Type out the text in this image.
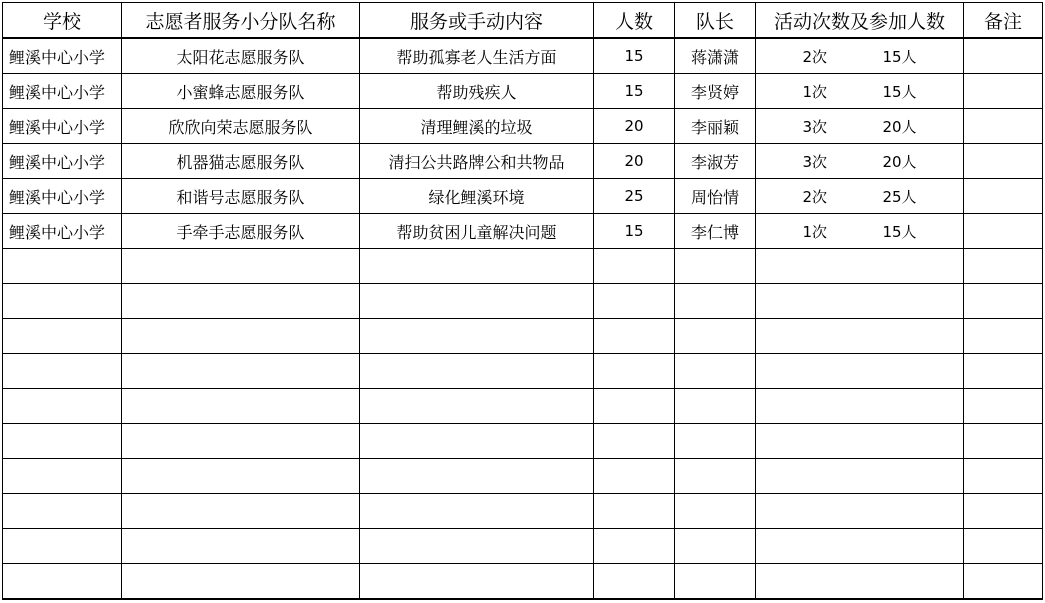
学校	志愿者服务小分队名称	服务或手动内容	人数	队长	活动次数及参加人数	备注
鲤溪中心小学	太阳花志愿服务队	帮助孤寡老人生活方面	15	蒋潇潇	2次 15人	
鲤溪中心小学	小蜜蜂志愿服务队	帮助残疾人	15	李贤婷	1次 15人	
鲤溪中心小学	欣欣向荣志愿服务队	清理鲤溪的垃圾	20	李丽颖	3次 20人	
鲤溪中心小学	机器猫志愿服务队	清扫公共路牌公和共物品	20	李淑芳	3次 20人	
鲤溪中心小学	和谐号志愿服务队	绿化鲤溪环境	25	周怡情	2次 25人	
鲤溪中心小学	手牵手志愿服务队	帮助贫困儿童解决问题	15	李仁博	1次 15人	
